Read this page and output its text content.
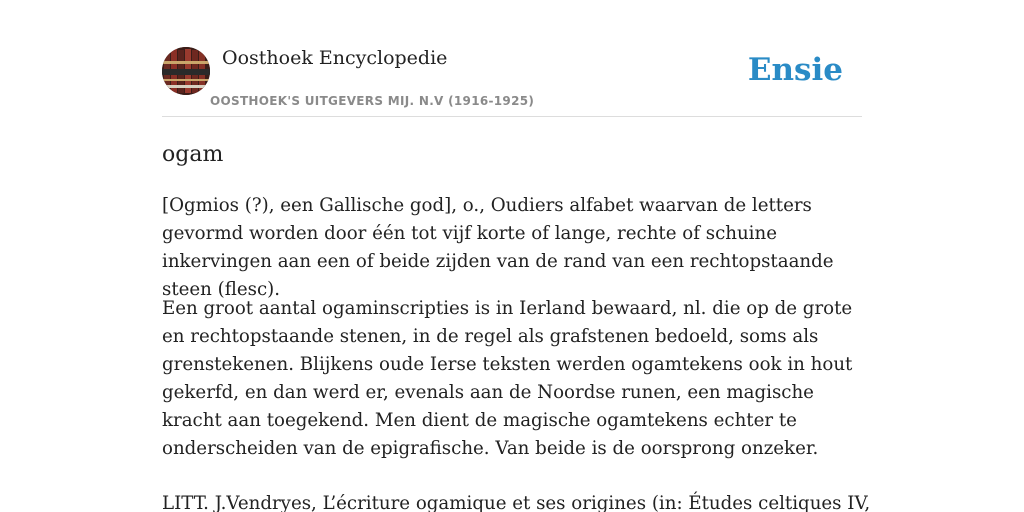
Oosthoek Encyclopedie
OOSTHOEK'S UITGEVERS MIJ. N.V (1916-1925)
Ensie
ogam

[Ogmios (?), een Gallische god], o., Oudiers alfabet waarvan de letters gevormd worden door één tot vijf korte of lange, rechte of schuine inkervingen aan een of beide zijden van de rand van een rechtopstaande steen (flesc).

Een groot aantal ogaminscripties is in Ierland bewaard, nl. die op de grote en rechtopstaande stenen, in de regel als grafstenen bedoeld, soms als grenstekenen. Blijkens oude Ierse teksten werden ogamtekens ook in hout gekerfd, en dan werd er, evenals aan de Noordse runen, een magische kracht aan toegekend. Men dient de magische ogamtekens echter te onderscheiden van de epigrafische. Van beide is de oorsprong onzeker.

LITT. J.Vendryes, L’écriture ogamique et ses origines (in: Études celtiques IV,
